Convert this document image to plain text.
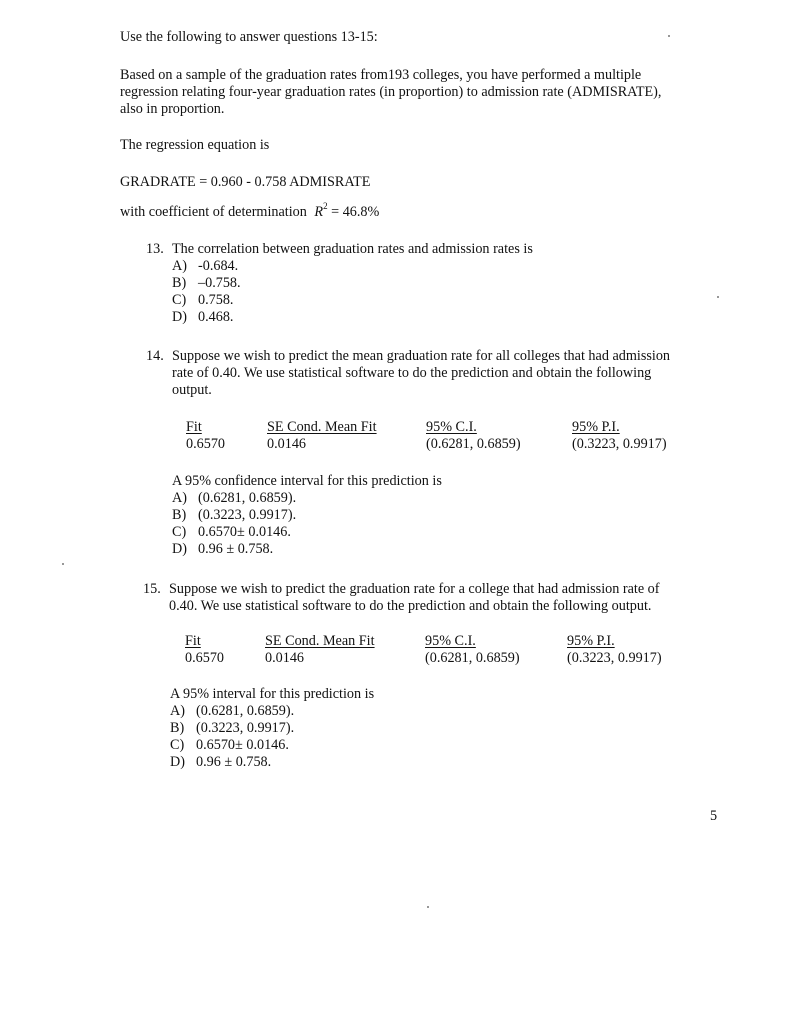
Use the following to answer questions 13-15:
Based on a sample of the graduation rates from193 colleges, you have performed a multiple
regression relating four-year graduation rates (in proportion) to admission rate (ADMISRATE),
also in proportion.
The regression equation is
GRADRATE = 0.960 - 0.758 ADMISRATE
with coefficient of determination $R^2 = 46.8\%$
13. The correlation between graduation rates and admission rates is
A) -0.684.
B) –0.758.
C) 0.758.
D) 0.468.
14. Suppose we wish to predict the mean graduation rate for all colleges that had admission
rate of 0.40. We use statistical software to do the prediction and obtain the following
output.
Fit	SE Cond. Mean Fit	95% C.I.	95% P.I.
0.6570	0.0146	(0.6281, 0.6859)	(0.3223, 0.9917)
A 95% confidence interval for this prediction is
A) (0.6281, 0.6859).
B) (0.3223, 0.9917).
C) 0.6570± 0.0146.
D) 0.96 ± 0.758.
15. Suppose we wish to predict the graduation rate for a college that had admission rate of
0.40. We use statistical software to do the prediction and obtain the following output.
Fit	SE Cond. Mean Fit	95% C.I.	95% P.I.
0.6570	0.0146	(0.6281, 0.6859)	(0.3223, 0.9917)
A 95% interval for this prediction is
A) (0.6281, 0.6859).
B) (0.3223, 0.9917).
C) 0.6570± 0.0146.
D) 0.96 ± 0.758.
5
